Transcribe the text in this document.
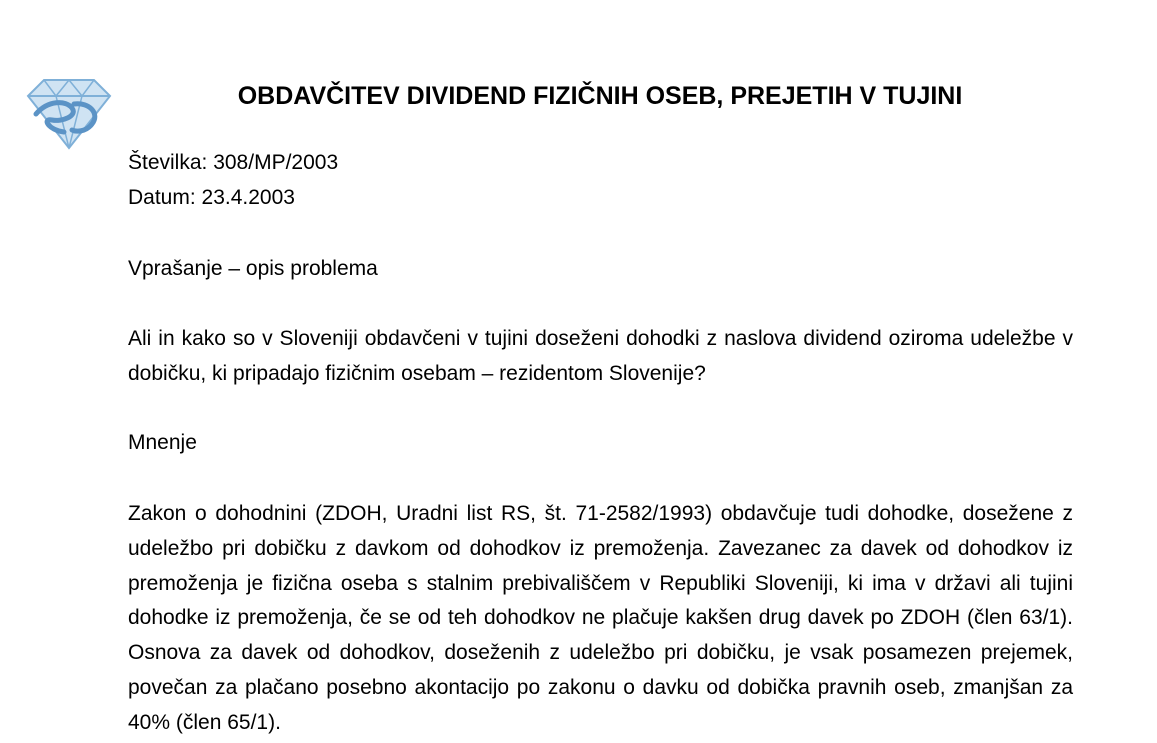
OBDAVČITEV DIVIDEND FIZIČNIH OSEB, PREJETIH V TUJINI
Številka: 308/MP/2003
Datum: 23.4.2003
Vprašanje – opis problema
Ali in kako so v Sloveniji obdavčeni v tujini doseženi dohodki z naslova dividend oziroma udeležbe v dobičku, ki pripadajo fizičnim osebam – rezidentom Slovenije?
Mnenje
Zakon o dohodnini (ZDOH, Uradni list RS, št. 71-2582/1993) obdavčuje tudi dohodke, dosežene z udeležbo pri dobičku z davkom od dohodkov iz premoženja. Zavezanec za davek od dohodkov iz premoženja je fizična oseba s stalnim prebivališčem v Republiki Sloveniji, ki ima v državi ali tujini dohodke iz premoženja, če se od teh dohodkov ne plačuje kakšen drug davek po ZDOH (člen 63/1). Osnova za davek od dohodkov, doseženih z udeležbo pri dobičku, je vsak posamezen prejemek, povečan za plačano posebno akontacijo po zakonu o davku od dobička pravnih oseb, zmanjšan za 40% (člen 65/1).
